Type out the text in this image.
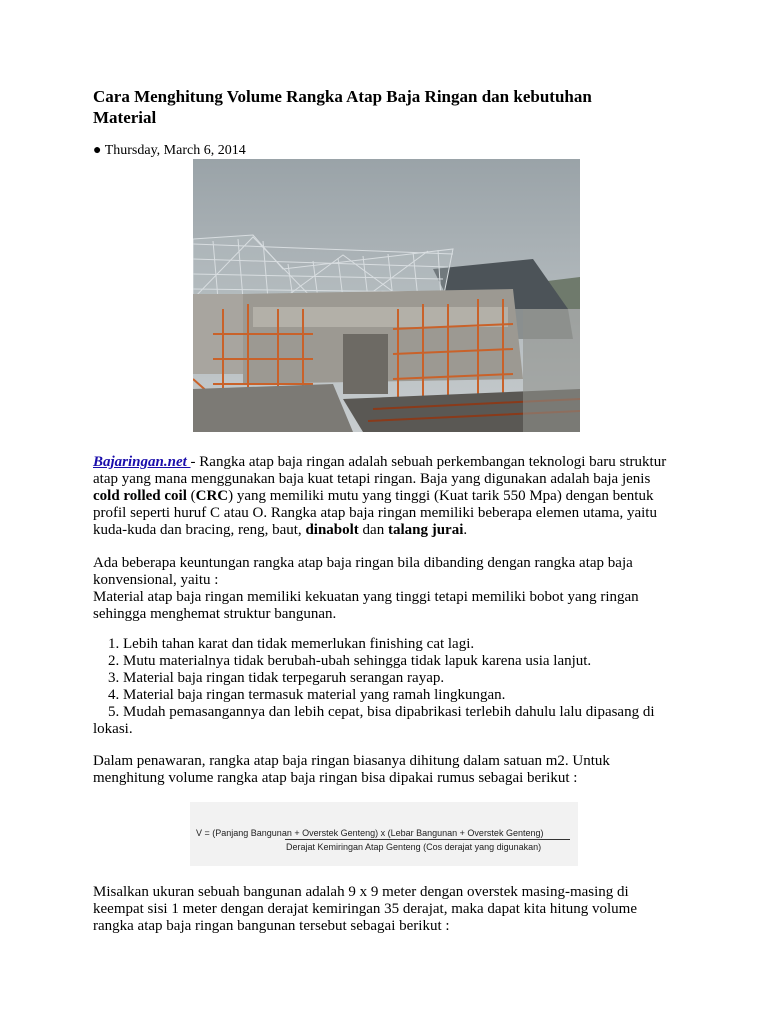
Cara Menghitung Volume Rangka Atap Baja Ringan dan kebutuhan Material
● Thursday, March 6, 2014

Bajaringan.net - Rangka atap baja ringan adalah sebuah perkembangan teknologi baru struktur atap yang mana menggunakan baja kuat tetapi ringan. Baja yang digunakan adalah baja jenis cold rolled coil (CRC) yang memiliki mutu yang tinggi (Kuat tarik 550 Mpa) dengan bentuk profil seperti huruf C atau O. Rangka atap baja ringan memiliki beberapa elemen utama, yaitu kuda-kuda dan bracing, reng, baut, dinabolt dan talang jurai.

Ada beberapa keuntungan rangka atap baja ringan bila dibanding dengan rangka atap baja konvensional, yaitu :

Material atap baja ringan memiliki kekuatan yang tinggi tetapi memiliki bobot yang ringan sehingga menghemat struktur bangunan.

1. Lebih tahan karat dan tidak memerlukan finishing cat lagi.
2. Mutu materialnya tidak berubah-ubah sehingga tidak lapuk karena usia lanjut.
3. Material baja ringan tidak terpegaruh serangan rayap.
4. Material baja ringan termasuk material yang ramah lingkungan.
5. Mudah pemasangannya dan lebih cepat, bisa dipabrikasi terlebih dahulu lalu dipasang di lokasi.

Dalam penawaran, rangka atap baja ringan biasanya dihitung dalam satuan m2. Untuk menghitung volume rangka atap baja ringan bisa dipakai rumus sebagai berikut :

V = (Panjang Bangunan + Overstek Genteng) x (Lebar Bangunan + Overstek Genteng)
Derajat Kemiringan Atap Genteng (Cos derajat yang digunakan)

Misalkan ukuran sebuah bangunan adalah 9 x 9 meter dengan overstek masing-masing di keempat sisi 1 meter dengan derajat kemiringan 35 derajat, maka dapat kita hitung volume rangka atap baja ringan bangunan tersebut sebagai berikut :
